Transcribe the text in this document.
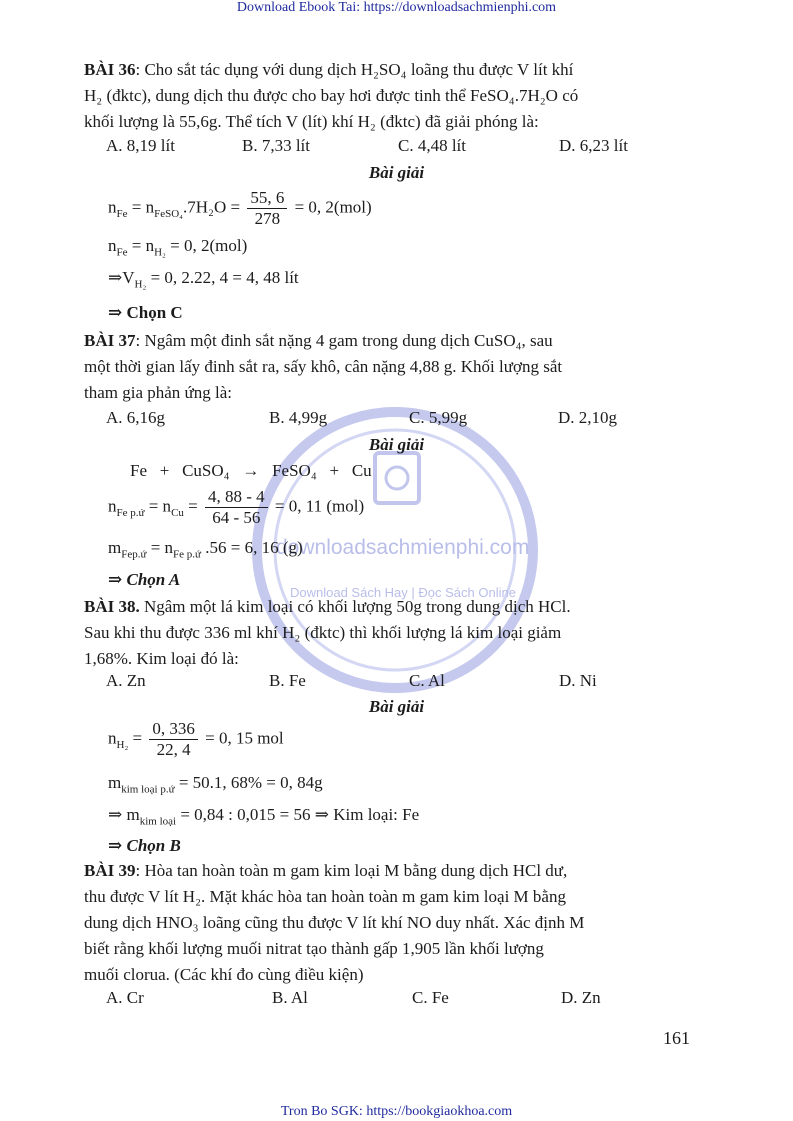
Download Ebook Tai: https://downloadsachmienphi.com
downloadsachmienphi.com
Download Sách Hay | Đọc Sách Online
BÀI 36: Cho sắt tác dụng với dung dịch H₂SO₄ loãng thu được V lít khí
H₂ (đktc), dung dịch thu được cho bay hơi được tinh thể FeSO₄.7H₂O có
khối lượng là 55,6g. Thể tích V (lít) khí H₂ (đktc) đã giải phóng là:
A. 8,19 lít	B. 7,33 lít	C. 4,48 lít	D. 6,23 lít
Bài giải
$n_{Fe} = n_{FeSO_4}.7H_2O = \frac{55, 6}{278} = 0$, 2(mol)
$n_{Fe} = n_{H_2} = 0$, 2(mol)
$\Rightarrow V_{H_2} = 0$, 2.22, 4 = 4, 48 lít
⇒ Chọn C
BÀI 37: Ngâm một đinh sắt nặng 4 gam trong dung dịch CuSO₄, sau
một thời gian lấy đinh sắt ra, sấy khô, cân nặng 4,88 g. Khối lượng sắt
tham gia phản ứng là:
A. 6,16g	B. 4,99g	C. 5,99g	D. 2,10g
Bài giải
Fe   +   CuSO₄   →   FeSO₄   +   Cu
$n_{Fe p.ứ} = n_{Cu} = \frac{4, 88 - 4}{64 - 56} = 0$, 11 (mol)
$m_{Fep.ứ} = n_{Fe p.ứ}$ .56 = 6, 16 (g)
⇒ Chọn A
BÀI 38. Ngâm một lá kim loại có khối lượng 50g trong dung dịch HCl.
Sau khi thu được 336 ml khí H₂ (đktc) thì khối lượng lá kim loại giảm
1,68%. Kim loại đó là:
A. Zn	B. Fe	C. Al	D. Ni
Bài giải
$n_{H_2} = \frac{0, 336}{22, 4} = 0$, 15 mol
$m_{kim loại p.ứ} = 50.1$, 68% = 0, 84g
⇒ $m_{kim loại} = 0,84$ : 0,015 = 56 ⇒ Kim loại: Fe
⇒ Chọn B
BÀI 39: Hòa tan hoàn toàn m gam kim loại M bằng dung dịch HCl dư,
thu được V lít H₂. Mặt khác hòa tan hoàn toàn m gam kim loại M bằng
dung dịch HNO₃ loãng cũng thu được V lít khí NO duy nhất. Xác định M
biết rằng khối lượng muối nitrat tạo thành gấp 1,905 lần khối lượng
muối clorua. (Các khí đo cùng điều kiện)
A. Cr	B. Al	C. Fe	D. Zn
161
Tron Bo SGK: https://bookgiaokhoa.com
